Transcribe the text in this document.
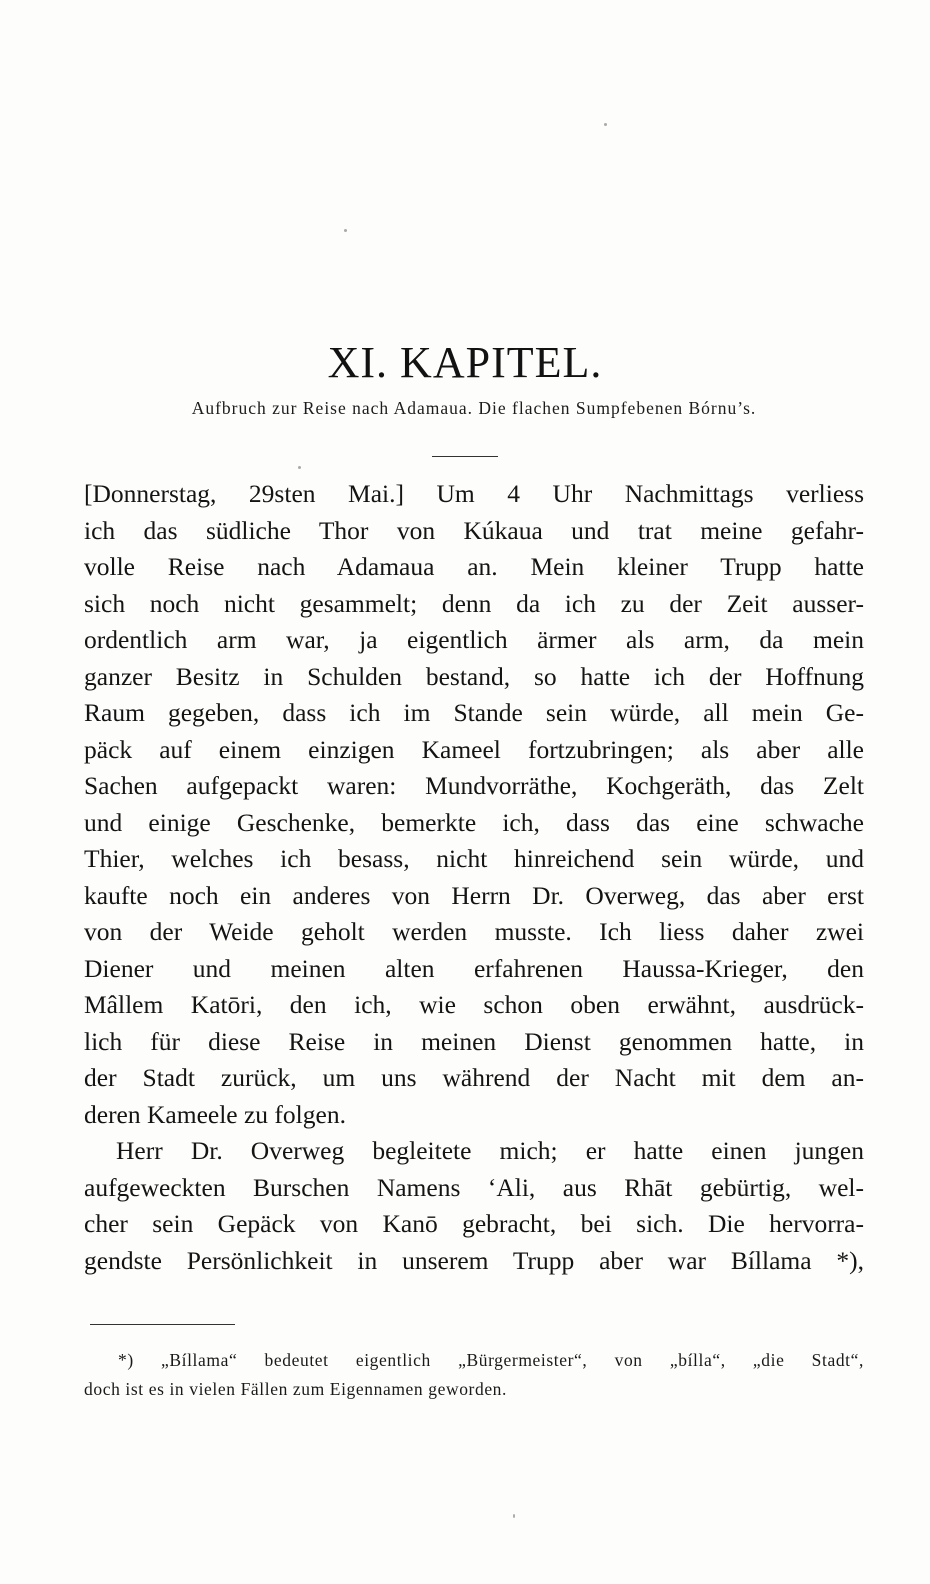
XI. KAPITEL.
Aufbruch zur Reise nach Adamaua. Die flachen Sumpfebenen Bórnu’s.
[Donnerstag, 29sten Mai.] Um 4 Uhr Nachmittags verliess
ich das südliche Thor von Kúkaua und trat meine gefahr-
volle Reise nach Adamaua an. Mein kleiner Trupp hatte
sich noch nicht gesammelt; denn da ich zu der Zeit ausser-
ordentlich arm war, ja eigentlich ärmer als arm, da mein
ganzer Besitz in Schulden bestand, so hatte ich der Hoffnung
Raum gegeben, dass ich im Stande sein würde, all mein Ge-
päck auf einem einzigen Kameel fortzubringen; als aber alle
Sachen aufgepackt waren: Mundvorräthe, Kochgeräth, das Zelt
und einige Geschenke, bemerkte ich, dass das eine schwache
Thier, welches ich besass, nicht hinreichend sein würde, und
kaufte noch ein anderes von Herrn Dr. Overweg, das aber erst
von der Weide geholt werden musste. Ich liess daher zwei
Diener und meinen alten erfahrenen Haussa-Krieger, den
Mâllem Katōri, den ich, wie schon oben erwähnt, ausdrück-
lich für diese Reise in meinen Dienst genommen hatte, in
der Stadt zurück, um uns während der Nacht mit dem an-
deren Kameele zu folgen.
Herr Dr. Overweg begleitete mich; er hatte einen jungen
aufgeweckten Burschen Namens ‘Ali, aus Rhāt gebürtig, wel-
cher sein Gepäck von Kanō gebracht, bei sich. Die hervorra-
gendste Persönlichkeit in unserem Trupp aber war Bíllama *),
*) „Bíllama“ bedeutet eigentlich „Bürgermeister“, von „bílla“, „die Stadt“,
doch ist es in vielen Fällen zum Eigennamen geworden.
